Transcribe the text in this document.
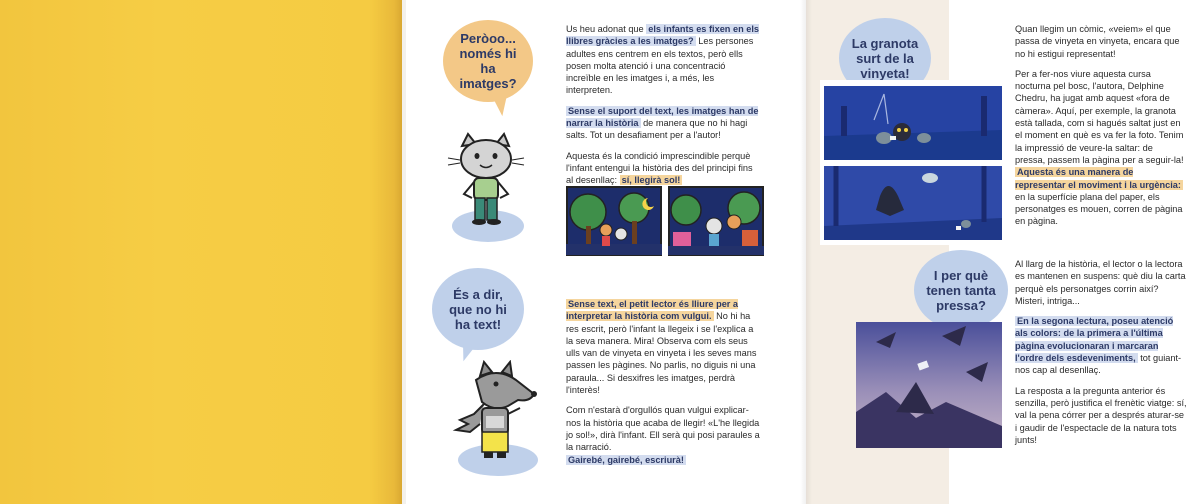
Peròoo... només hi ha imatges?

Us heu adonat que els infants es fixen en els llibres gràcies a les imatges? Les persones adultes ens centrem en els textos, però ells posen molta atenció i una concentració increïble en les imatges i, a més, les interpreten.

Sense el suport del text, les imatges han de narrar la història de manera que no hi hagi salts. Tot un desafiament per a l'autor!

Aquesta és la condició imprescindible perquè l'infant entengui la història des del principi fins al desenllaç: sí, llegirà sol!

És a dir, que no hi ha text!

Sense text, el petit lector és lliure per a interpretar la història com vulgui. No hi ha res escrit, però l'infant la llegeix i se l'explica a la seva manera. Mira! Observa com els seus ulls van de vinyeta en vinyeta i les seves mans passen les pàgines. No parlis, no diguis ni una paraula... Si desxifres les imatges, perdrà l'interès!

Com n'estarà d'orgullós quan vulgui explicar-nos la història que acaba de llegir! «L'he llegida jo sol!», dirà l'infant. Ell serà qui posi paraules a la narració.
Gairebé, gairebé, escriurà!

La granota surt de la vinyeta!

Quan llegim un còmic, «veiem» el que passa de vinyeta en vinyeta, encara que no hi estigui representat!

Per a fer-nos viure aquesta cursa nocturna pel bosc, l'autora, Delphine Chedru, ha jugat amb aquest «fora de càmera». Aquí, per exemple, la granota està tallada, com si hagués saltat just en el moment en què es va fer la foto. Tenim la impressió de veure-la saltar: de pressa, passem la pàgina per a seguir-la! Aquesta és una manera de representar el moviment i la urgència: en la superfície plana del paper, els personatges es mouen, corren de pàgina en pàgina.

I per què tenen tanta pressa?

Al llarg de la història, el lector o la lectora es mantenen en suspens: què diu la carta perquè els personatges corrin així? Misteri, intriga...

En la segona lectura, poseu atenció als colors: de la primera a l'última pàgina evolucionaran i marcaran l'ordre dels esdeveniments, tot guiant-nos cap al desenllaç.

La resposta a la pregunta anterior és senzilla, però justifica el frenètic viatge: sí, val la pena córrer per a després aturar-se i gaudir de l'espectacle de la natura tots junts!
